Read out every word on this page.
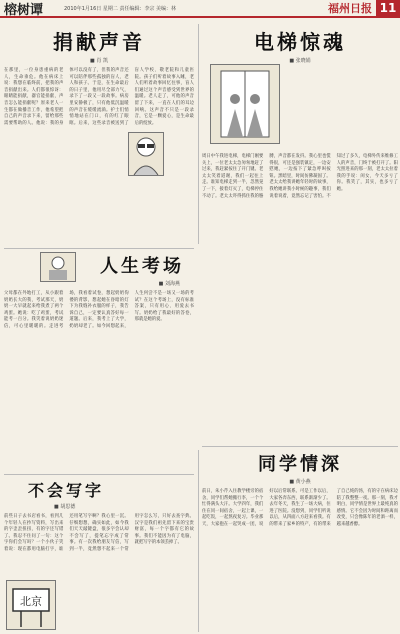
榕树谭	2010年1月16日 星期二 责任编辑：李宗 美编：林	福州日报 11
捐献声音
■ 肖 凯
在那里，一位身患重病的老人，生命垂危。他在病床上说：我想在临终前，把我的声音捐献出来。人们都很惊讶：眼睛能捐献，器官能捐献，声音怎么能捐献呢？原来老人一生都在做播音工作，他希望把自己的声音录下来，留给那些需要帮助的人。他说：我的身体可以没有了，但我的声音还可以陪伴那些孤独的盲人、老人和孩子。于是，在生命最后的日子里，他用尽全部力气，录下了一段又一段故事。病房里安静极了，只有他低沉温暖的声音在缓缓流淌。护士们悄悄地站在门口，有的红了眼眶。后来，这些录音被送到了盲人学校、敬老院和儿童医院。孩子们听着故事入睡，老人们听着故事回忆往事，盲人们通过这个声音感受到世界的温暖。老人走了，可他的声音留了下来，一直在人们的耳边回响。这声音不只是一段录音，它是一颗爱心，是生命最后的绽放。
电梯惊魂
■ 张晓娟
周日中午我进电梯，电梯门刚要关上，一位老太太急匆匆地赶了过来，我赶紧按住了开门键。老太太笑着道谢，我们一起往上走。谁知电梯走到一半，忽然晃了一下，接着灯灭了，电梯停住不动了。老太太吓得抓住我的胳膊，声音都在发抖。我心里也慌得很，可还是强装镇定，一边安慰她，一边按下了紧急呼叫按钮。黑暗里，时间仿佛凝固了。老太太给我讲她年轻时的故事，我给她讲我小时候的趣事，我们说着说着，竟然忘记了害怕。不知过了多久，电梯外传来维修工人的声音，门终于被打开了。阳光照进来的那一刻，老太太拉着我的手说：闺女，今天多亏了你。我笑了，其实，也多亏了她。
人生考场
■ 刘海燕
父母都在外地打工，从小跟着奶奶长大的我，考试那天，奶奶一大早就起来给我煮了两个鸡蛋。她说：吃了鸡蛋，考试能考一百分。我笑着说奶奶迷信，可心里暖暖的。走进考场，我看着试卷，想起奶奶佝偻的背影，想起她在昏暗的灯下为我缝补衣服的样子，我告诉自己，一定要认真答好每一道题。后来，我考上了大学，奶奶却老了。如今回想起来，人生何尝不是一场又一场的考试？在这个考场上，没有标准答案，只有用心、用爱去书写。奶奶给了我最好的答卷，那就是她的爱。
不会写字
■ 胡思德
前些日子去书店看书，看到几个年轻人在抄写资料，写出来的字歪歪扭扭，有的字还写错了。我忍不住问了一句：这个字你们会写吗？一个小伙子笑着说：现在都用电脑打字，谁还用笔写字啊？我心里一沉。仔细想想，确实如此，如今我们天天敲键盘，很多字会认却不会写了，提笔忘字成了常事。有一次我给朋友写信，写到一半，竟然想不起来一个常用字怎么写，只好去查字典。汉字是我们祖先留下来的宝贵财富，每一个字都有它的故事。我们不能因为有了电脑，就把写字的本领丢掉了。
北京
同学情深
■ 黄小燕
前日，朱小芹入住教学楼旁的宿舍，同学们帮她搬行李，一个个忙得满头大汗。大学四年，我们住在同一间宿舍，一起上课，一起吃饭，一起熬夜复习。毕业那天，大家抱在一起哭成一团，说好以后常联系。可是工作以后，大家各奔东西，联系渐渐少了。去年冬天，我生了一场大病，住进了医院。没想到，同学们听说以后，从四面八方赶来看我。有的带来了家乡的特产，有的带来了自己炖的汤，有的守在病床边陪了我整整一夜。那一刻，我才明白，同学情是世界上最纯真的感情。它不会因为时间和距离而改变，只会像陈年的老酒一样，越来越香醇。
